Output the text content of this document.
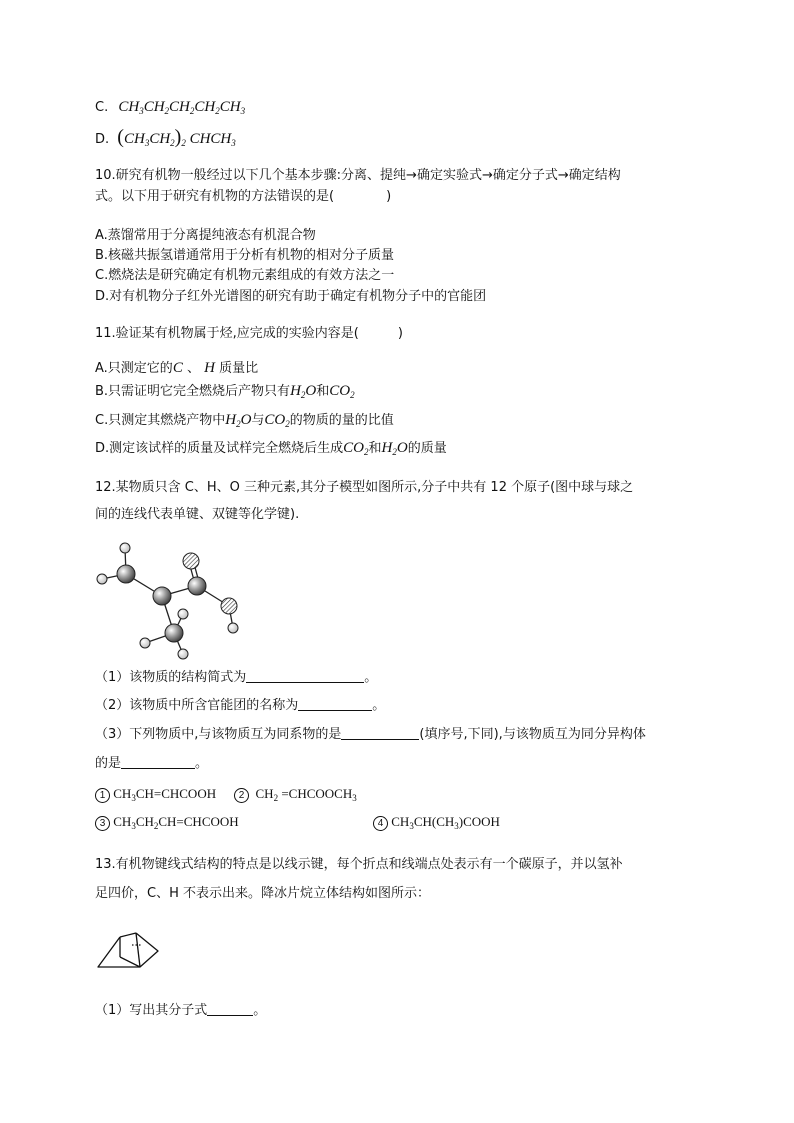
C. $CH_3CH_2CH_2CH_2CH_3$
D. $(CH_3CH_2)_2$ $CHCH_3$
10.研究有机物一般经过以下几个基本步骤:分离、提纯→确定实验式→确定分子式→确定结构
式。以下用于研究有机物的方法错误的是(　　　　)
A.蒸馏常用于分离提纯液态有机混合物
B.核磁共振氢谱通常用于分析有机物的相对分子质量
C.燃烧法是研究确定有机物元素组成的有效方法之一
D.对有机物分子红外光谱图的研究有助于确定有机物分子中的官能团
11.验证某有机物属于烃,应完成的实验内容是(　　　)
A.只测定它的C 、 H 质量比
B.只需证明它完全燃烧后产物只有$H_2O$和$CO_2$
C.只测定其燃烧产物中$H_2O$与$CO_2$的物质的量的比值
D.测定该试样的质量及试样完全燃烧后生成$CO_2$和$H_2O$的质量
12.某物质只含 C、H、O 三种元素,其分子模型如图所示,分子中共有 12 个原子(图中球与球之
间的连线代表单键、双键等化学键).
（1）该物质的结构简式为	。
（2）该物质中所含官能团的名称为	。
（3）下列物质中,与该物质互为同系物的是	(填序号,下同),与该物质互为同分异构体
的是	。
1 $CH_3CH=CHCOOH$	2  $CH_2$ $=CHCOOCH_3$
3 $CH_3CH_2CH=CHCOOH$	4 $CH_3CH(CH_3)COOH$
13.有机物键线式结构的特点是以线示键，每个折点和线端点处表示有一个碳原子，并以氢补
足四价，C、H 不表示出来。降冰片烷立体结构如图所示：
（1）写出其分子式	。
